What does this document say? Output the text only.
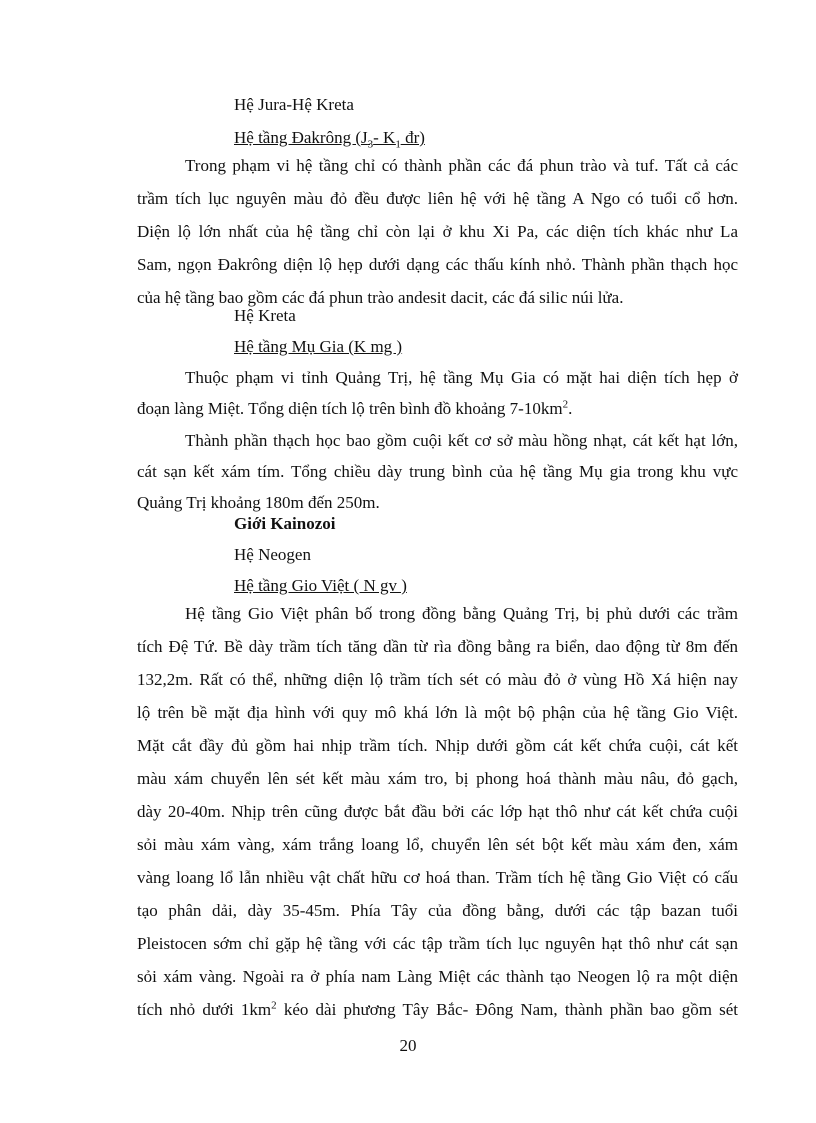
Hệ Jura-Hệ Kreta

Hệ tầng Đakrông ($J_3-$ $K_1$ đr)

Trong phạm vi hệ tầng chỉ có thành phần các đá phun trào và tuf. Tất cả các

trầm tích lục nguyên màu đỏ đều được liên hệ với hệ tầng A Ngo có tuổi cổ hơn.

Diện lộ lớn nhất của hệ tầng chỉ còn lại ở khu Xi Pa, các diện tích khác như La

Sam, ngọn Đakrông diện lộ hẹp dưới dạng các thấu kính nhỏ. Thành phần thạch học

của hệ tầng bao gồm các đá phun trào andesit dacit, các đá silic núi lửa.

Hệ Kreta

Hệ tầng Mụ Gia (K mg )

Thuộc phạm vi tỉnh Quảng Trị, hệ tầng Mụ Gia có mặt hai diện tích hẹp ở

đoạn làng Miệt. Tổng diện tích lộ trên bình đồ khoảng $7-10km^2$.

Thành phần thạch học bao gồm cuội kết cơ sở màu hồng nhạt, cát kết hạt lớn,

cát sạn kết xám tím. Tổng chiều dày trung bình của hệ tầng Mụ gia trong khu vực

Quảng Trị khoảng 180m đến 250m.

Giới Kainozoi

Hệ Neogen

Hệ tầng Gio Việt ( N gv )

Hệ tầng Gio Việt phân bố trong đồng bằng Quảng Trị, bị phủ dưới các trầm

tích Đệ Tứ. Bề dày trầm tích tăng dần từ rìa đồng bằng ra biển, dao động từ 8m đến

132,2m. Rất có thể, những diện lộ trầm tích sét có màu đỏ ở vùng Hồ Xá hiện nay

lộ trên bề mặt địa hình với quy mô khá lớn là một bộ phận của hệ tầng Gio Việt.

Mặt cắt đầy đủ gồm hai nhịp trầm tích. Nhịp dưới gồm cát kết chứa cuội, cát kết

màu xám chuyển lên sét kết màu xám tro, bị phong hoá thành màu nâu, đỏ gạch,

dày 20-40m. Nhịp trên cũng được bắt đầu bởi các lớp hạt thô như cát kết chứa cuội

sỏi màu xám vàng, xám trắng loang lổ, chuyển lên sét bột kết màu xám đen, xám

vàng loang lổ lẫn nhiều vật chất hữu cơ hoá than. Trầm tích hệ tầng Gio Việt có cấu

tạo phân dải, dày 35-45m. Phía Tây của đồng bằng, dưới các tập bazan tuổi

Pleistocen sớm chỉ gặp hệ tầng với các tập trầm tích lục nguyên hạt thô như cát sạn

sỏi xám vàng. Ngoài ra ở phía nam Làng Miệt các thành tạo Neogen lộ ra một diện

tích nhỏ dưới $1km^2$ kéo dài phương Tây Bắc- Đông Nam, thành phần bao gồm sét

20
